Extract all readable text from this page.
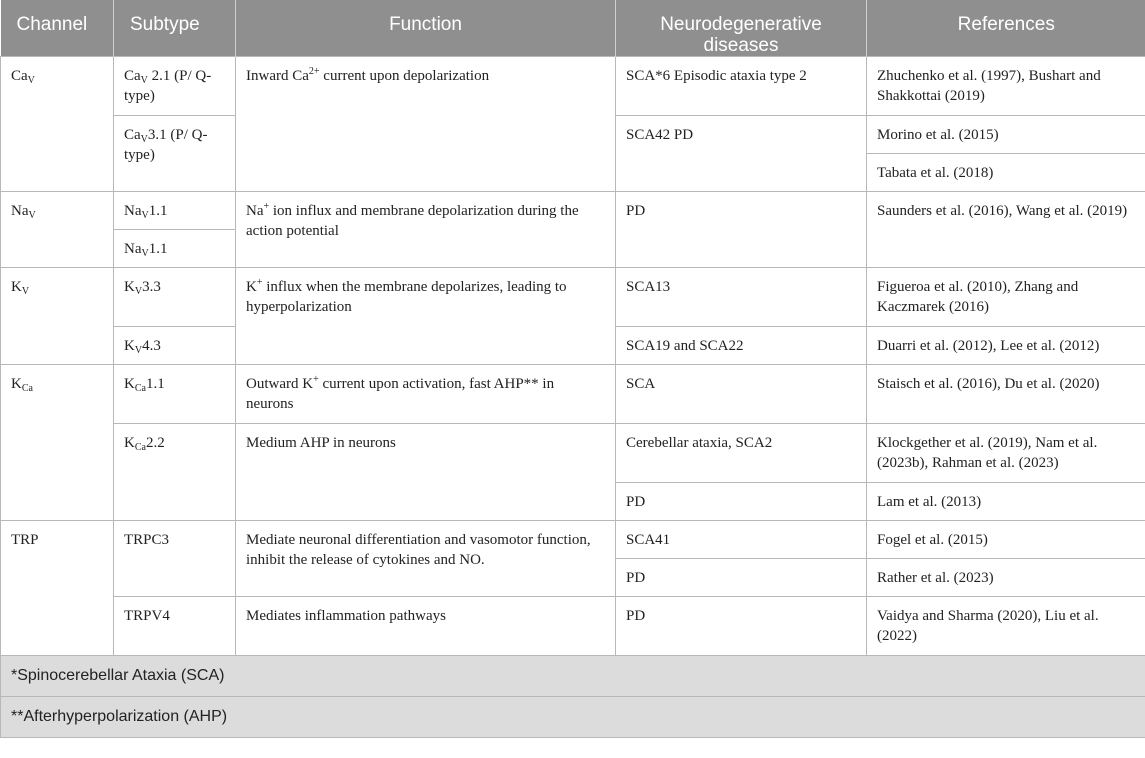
Channel	Subtype	Function	Neurodegenerative diseases	References
$Ca_V$	$Ca_V$ 2.1 (P/ Q-type)	Inward $Ca^{2+}$ current upon depolarization	SCA*6 Episodic ataxia type 2	Zhuchenko et al. (1997), Bushart and Shakkottai (2019)
	$Ca_V3.1$ (P/ Q-type)		SCA42 PD	Morino et al. (2015)
				Tabata et al. (2018)
$Na_V$	$Na_V1.1$	Na+ ion influx and membrane depolarization during the action potential	PD	Saunders et al. (2016), Wang et al. (2019)
	$Na_V1.1$			
$K_V$	$K_V3.3$	K+ influx when the membrane depolarizes, leading to hyperpolarization	SCA13	Figueroa et al. (2010), Zhang and Kaczmarek (2016)
	$K_V4.3$		SCA19 and SCA22	Duarri et al. (2012), Lee et al. (2012)
$K_{Ca}$	$K_{Ca}1.1$	Outward K+ current upon activation, fast AHP** in neurons	SCA	Staisch et al. (2016), Du et al. (2020)
	$K_{Ca}2.2$	Medium AHP in neurons	Cerebellar ataxia, SCA2	Klockgether et al. (2019), Nam et al. (2023b), Rahman et al. (2023)
			PD	Lam et al. (2013)
TRP	TRPC3	Mediate neuronal differentiation and vasomotor function, inhibit the release of cytokines and NO.	SCA41	Fogel et al. (2015)
			PD	Rather et al. (2023)
	TRPV4	Mediates inflammation pathways	PD	Vaidya and Sharma (2020), Liu et al. (2022)
*Spinocerebellar Ataxia (SCA)				
**Afterhyperpolarization (AHP)				
